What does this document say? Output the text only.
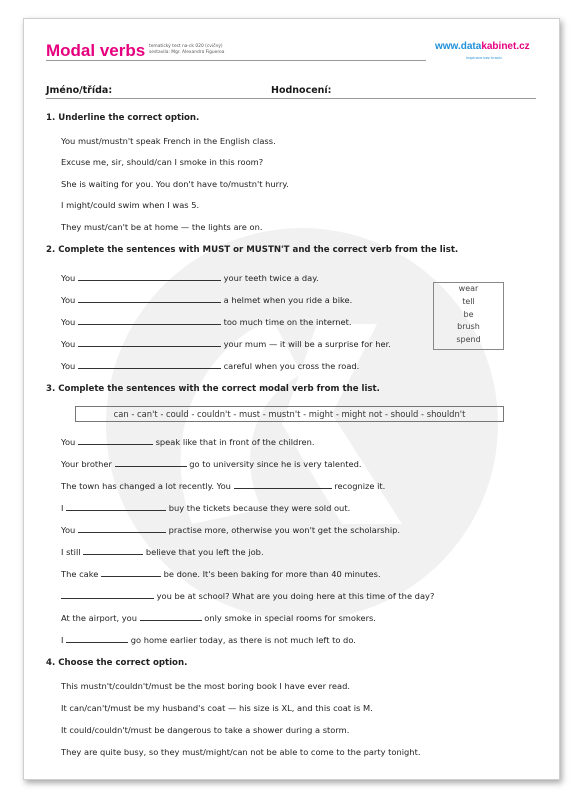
Modal verbs tematický test na-ck 020 (cvičný)
sestavila: Mgr. Alexandra Figueroa
www.datakabinet.cz
inspirace bez hranic
Jméno/třída:	Hodnocení:
1. Underline the correct option.
You must/mustn't speak French in the English class.
Excuse me, sir, should/can I smoke in this room?
She is waiting for you. You don't have to/mustn't hurry.
I might/could swim when I was 5.
They must/can't be at home — the lights are on.
2. Complete the sentences with MUST or MUSTN'T and the correct verb from the list.
You	your teeth twice a day.
You	a helmet when you ride a bike.
You	too much time on the internet.
You	your mum — it will be a surprise for her.
You	careful when you cross the road.
wear
tell
be
brush
spend
3. Complete the sentences with the correct modal verb from the list.
can - can't - could - couldn't - must - mustn't - might - might not - should - shouldn't
You	speak like that in front of the children.
Your brother	go to university since he is very talented.
The town has changed a lot recently. You	recognize it.
I	buy the tickets because they were sold out.
You	practise more, otherwise you won't get the scholarship.
I still	believe that you left the job.
The cake	be done. It's been baking for more than 40 minutes.
you be at school? What are you doing here at this time of the day?
At the airport, you	only smoke in special rooms for smokers.
I	go home earlier today, as there is not much left to do.
4. Choose the correct option.
This mustn't/couldn't/must be the most boring book I have ever read.
It can/can't/must be my husband's coat — his size is XL, and this coat is M.
It could/couldn't/must be dangerous to take a shower during a storm.
They are quite busy, so they must/might/can not be able to come to the party tonight.
